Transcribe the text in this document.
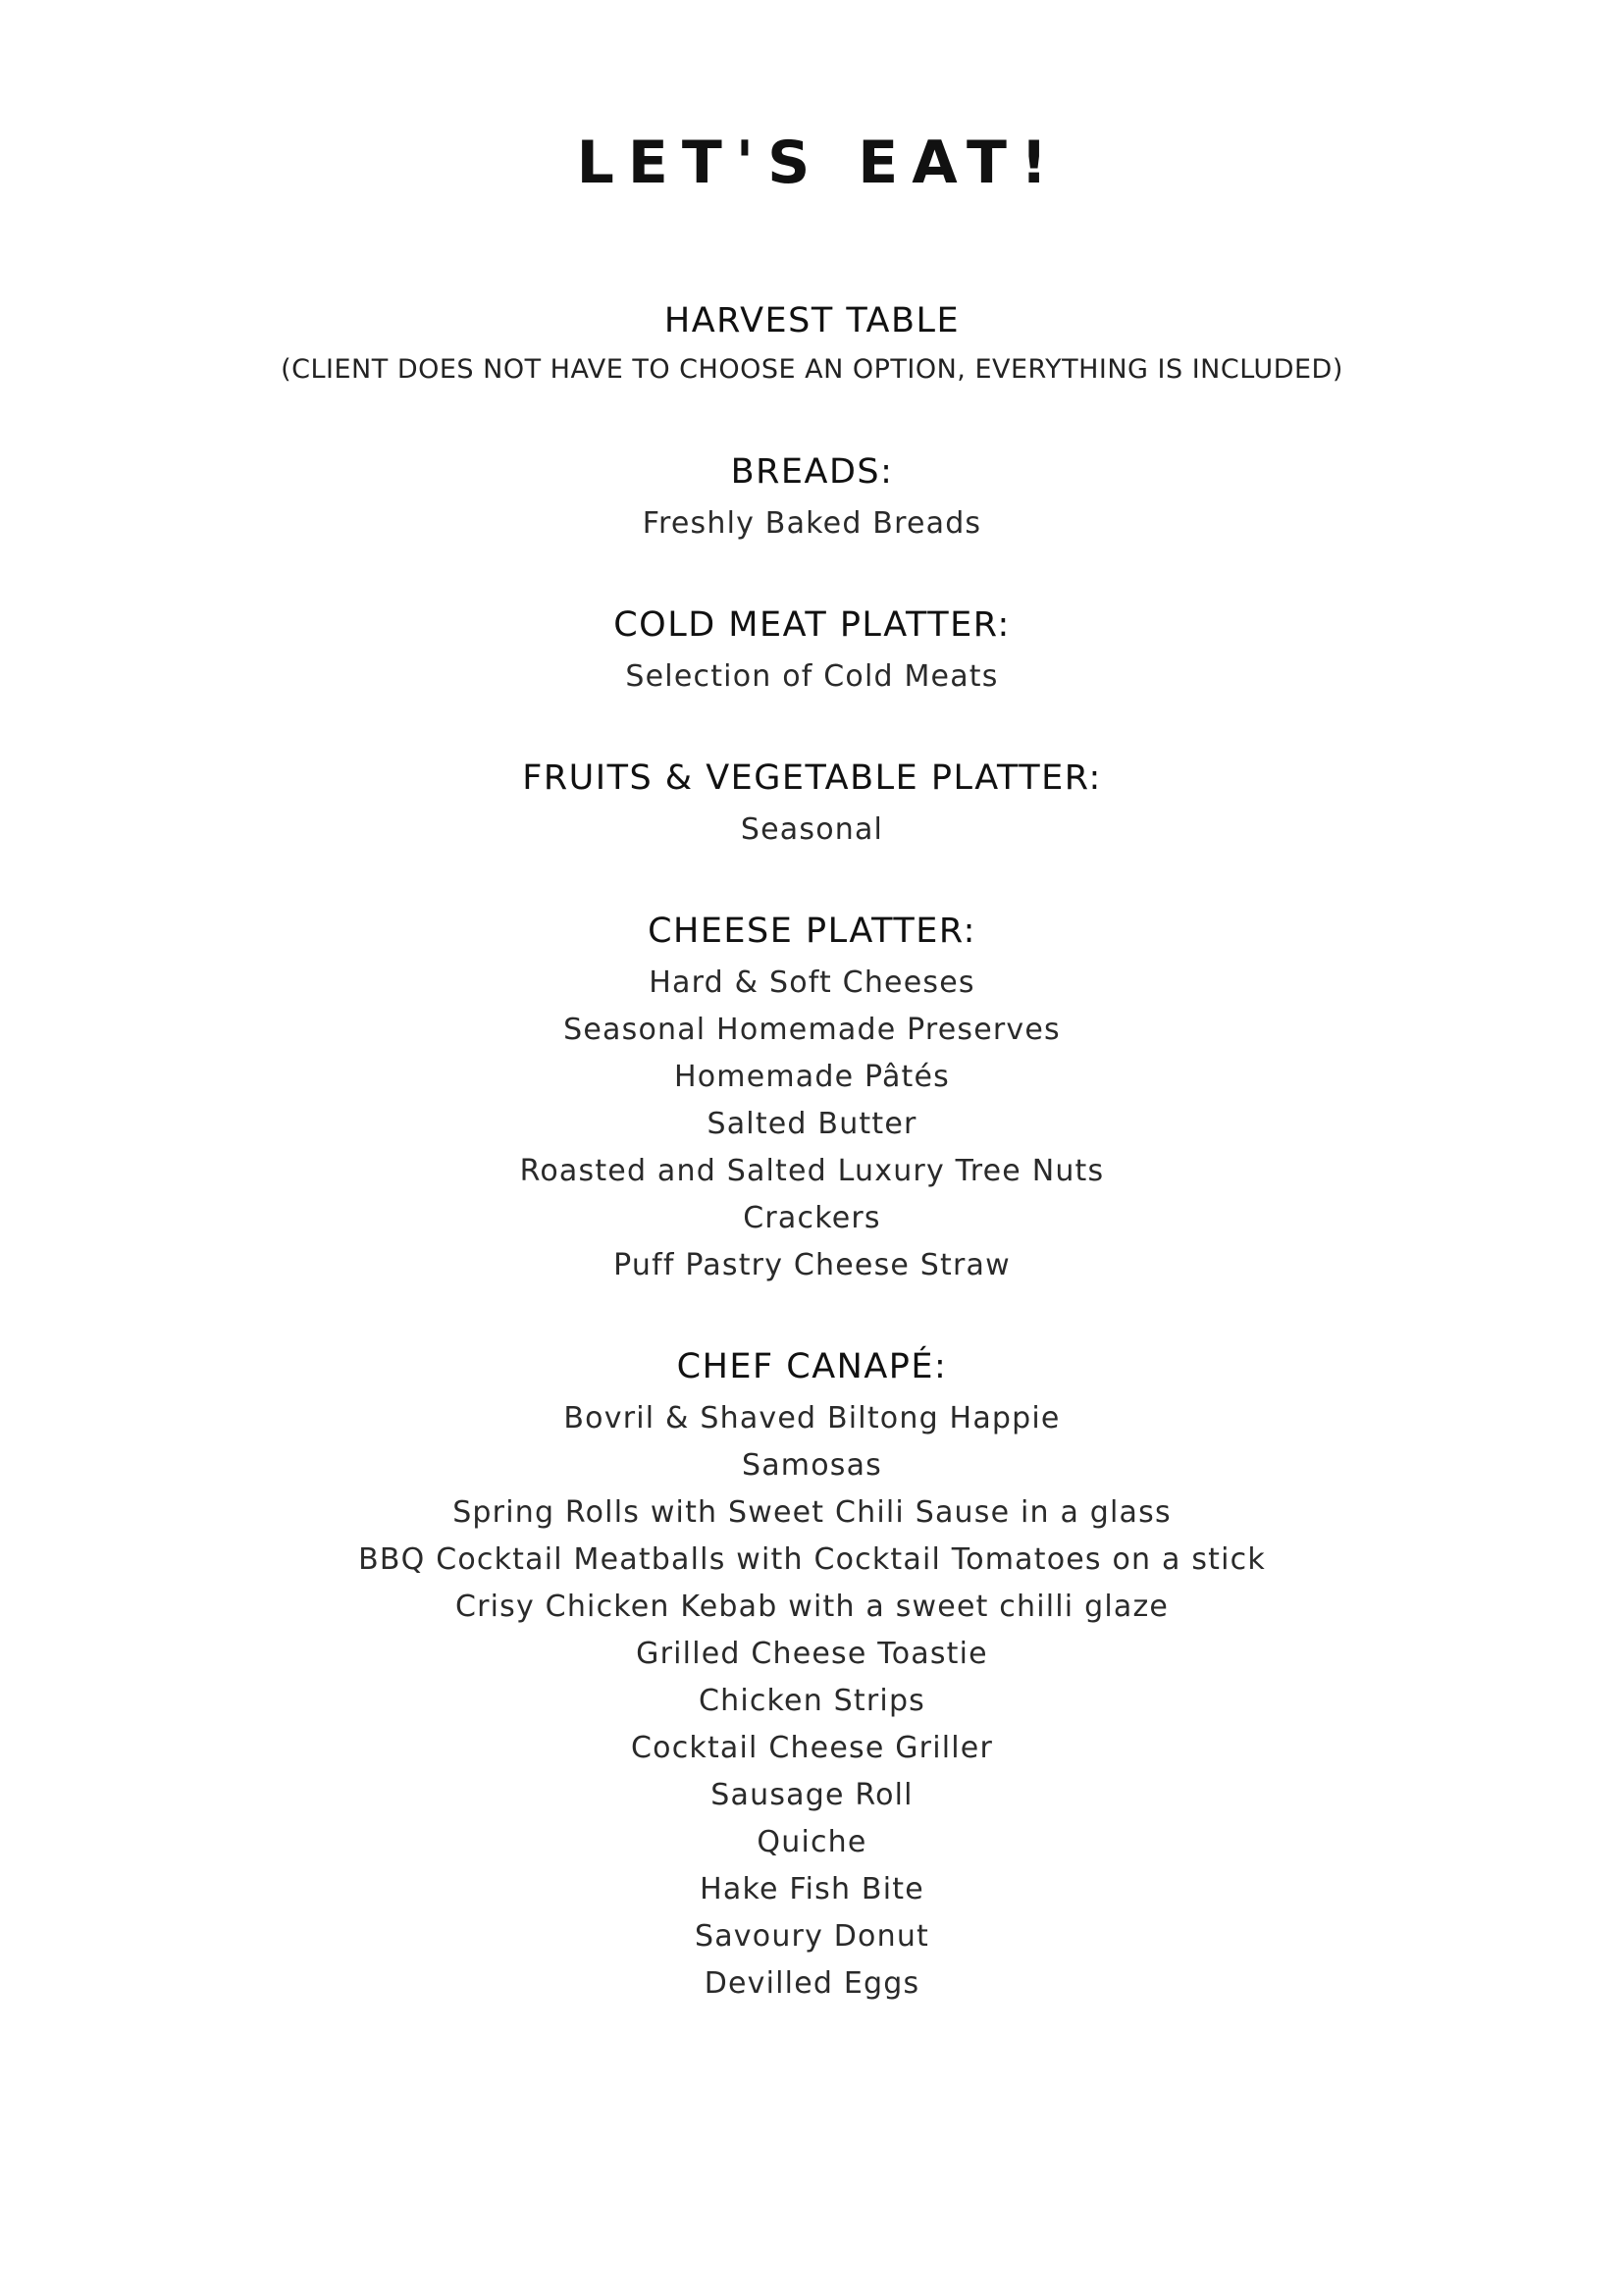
LET'S EAT!
HARVEST TABLE

(CLIENT DOES NOT HAVE TO CHOOSE AN OPTION, EVERYTHING IS INCLUDED)

BREADS:
Freshly Baked Breads
COLD MEAT PLATTER:
Selection of Cold Meats
FRUITS & VEGETABLE PLATTER:
Seasonal
CHEESE PLATTER:
Hard & Soft Cheeses
Seasonal Homemade Preserves
Homemade Pâtés
Salted Butter
Roasted and Salted Luxury Tree Nuts
Crackers
Puff Pastry Cheese Straw
CHEF CANAPÉ:
Bovril & Shaved Biltong Happie
Samosas
Spring Rolls with Sweet Chili Sause in a glass
BBQ Cocktail Meatballs with Cocktail Tomatoes on a stick
Crisy Chicken Kebab with a sweet chilli glaze
Grilled Cheese Toastie
Chicken Strips
Cocktail Cheese Griller
Sausage Roll
Quiche
Hake Fish Bite
Savoury Donut
Devilled Eggs
